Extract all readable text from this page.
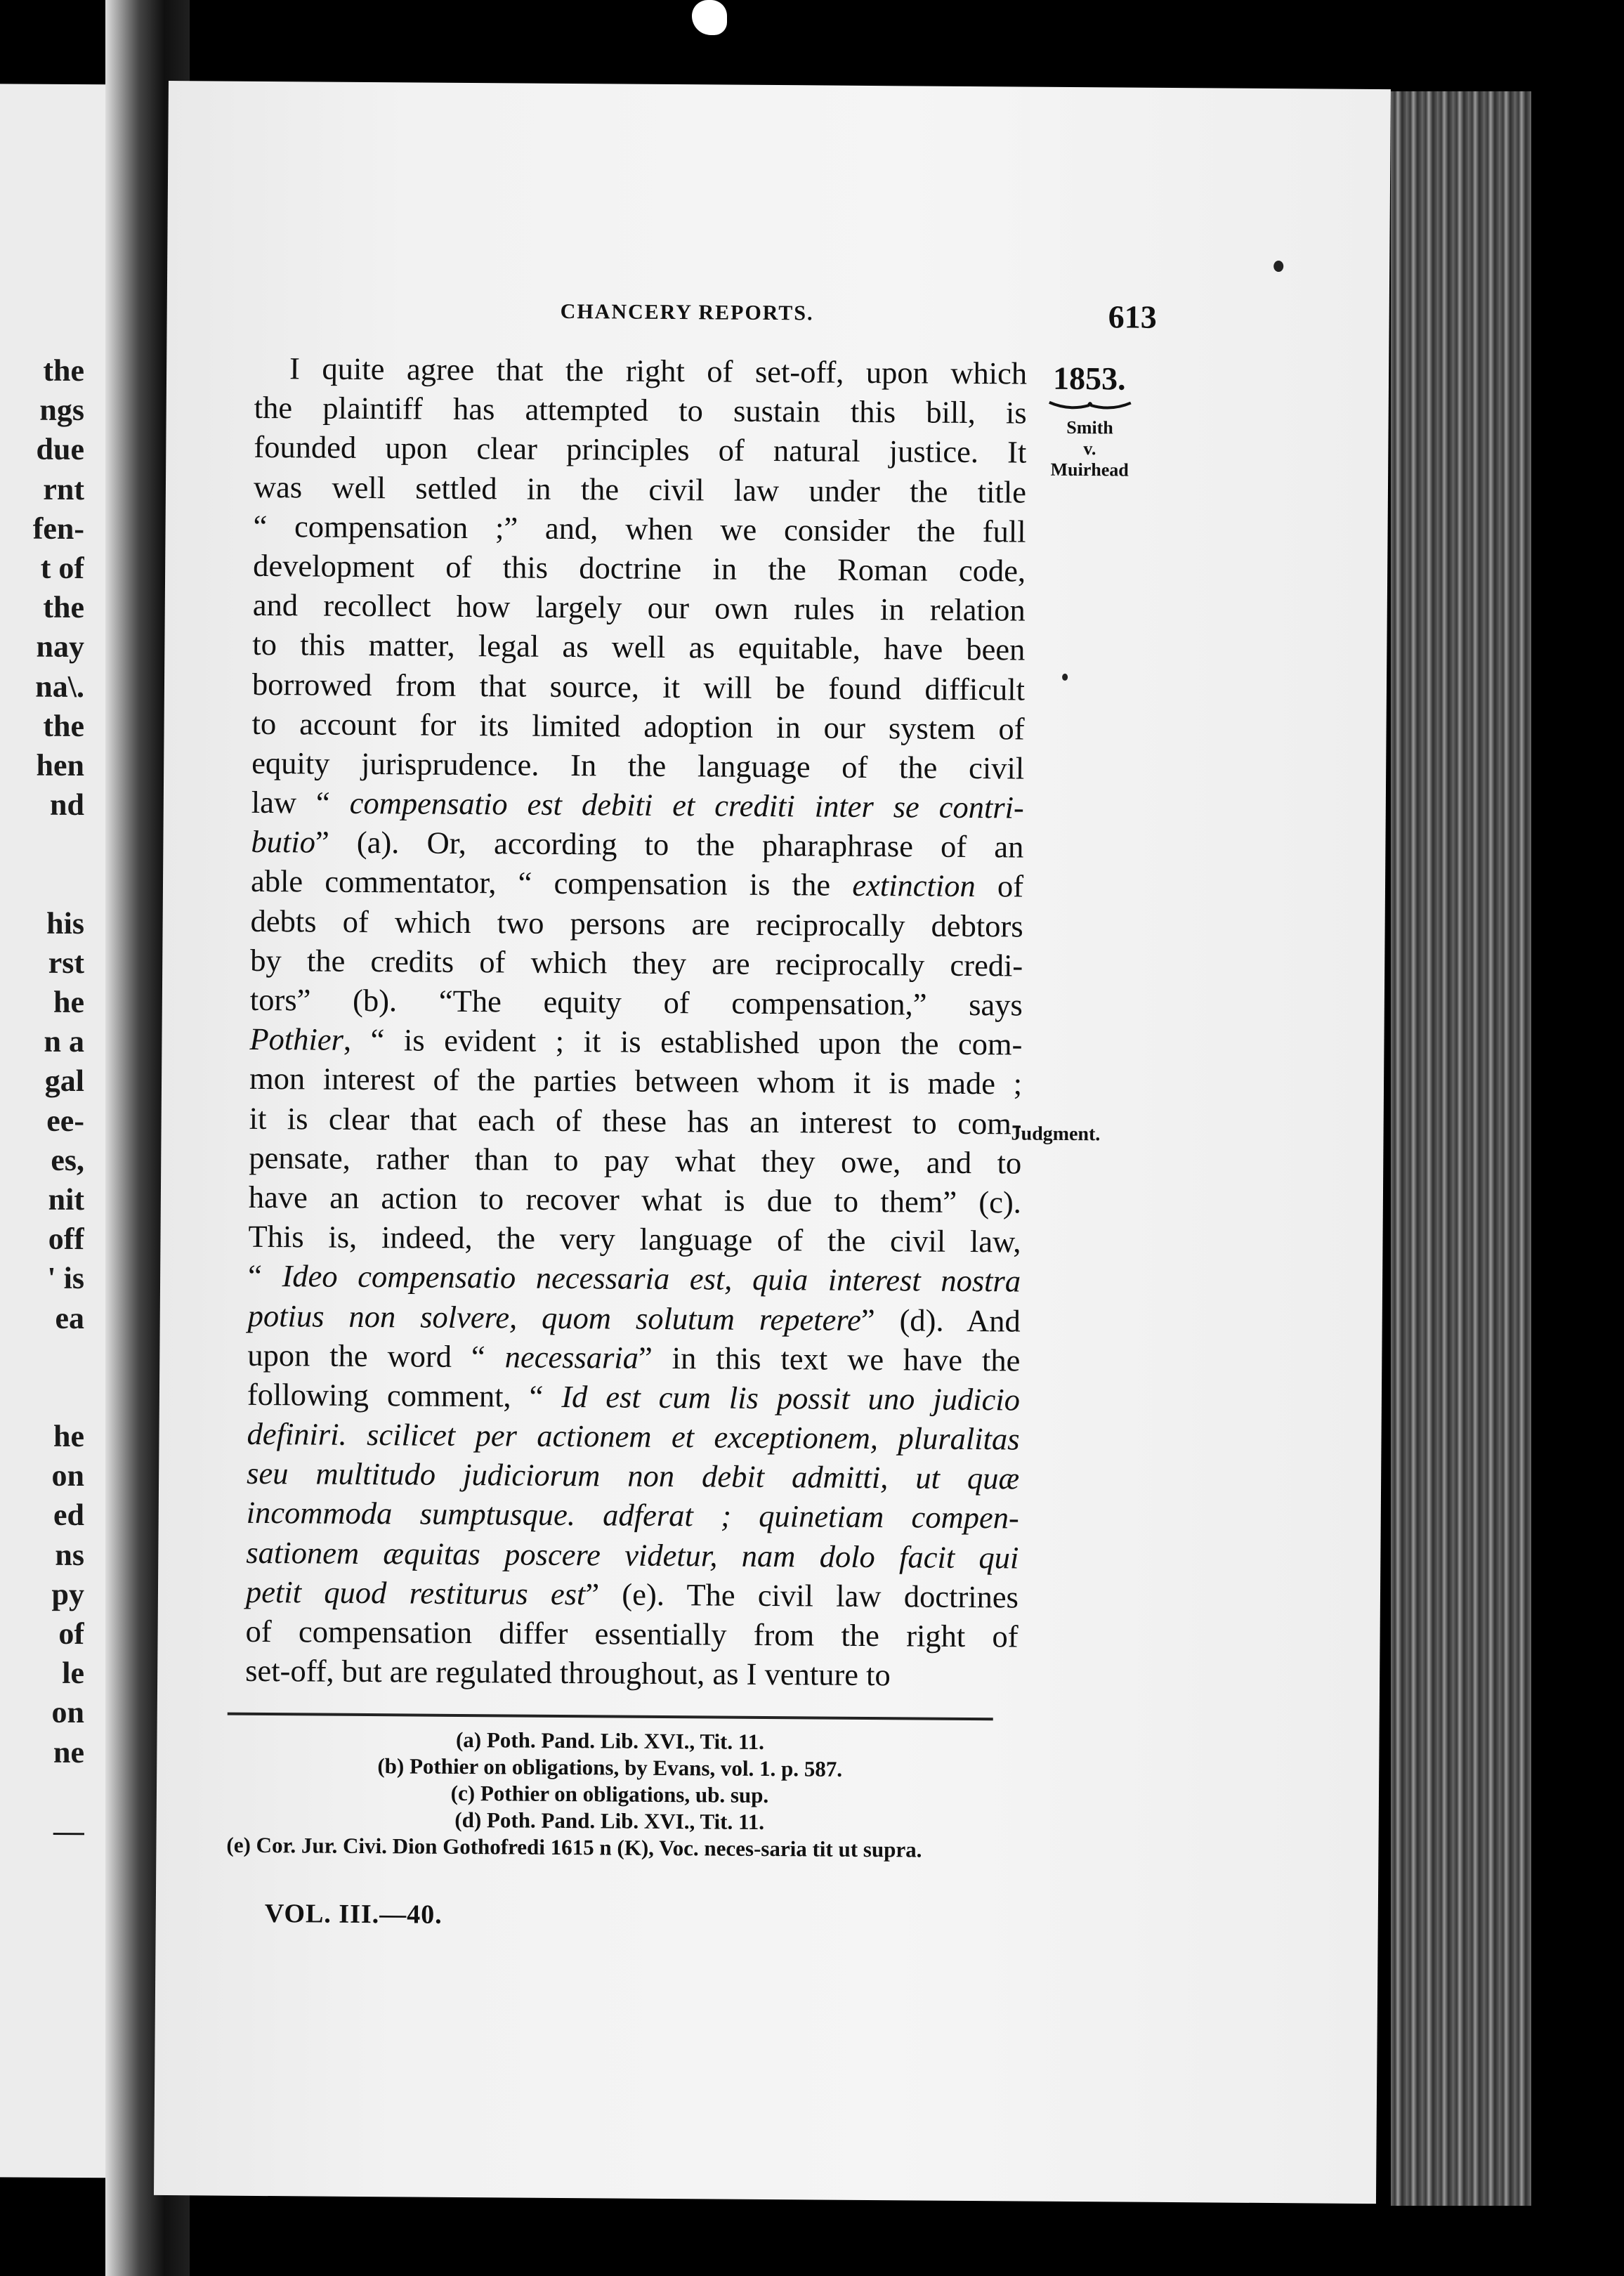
the
ngs
due
rnt
fen-
t of
the
nay
na\.
the
hen
nd
his
rst
he
n a
gal
ee-
es,
nit
off
' is
ea
he
on
ed
ns
py
of
le
on
ne
—
CHANCERY REPORTS.	613
1853.
Smith
v.
Muirhead
Judgment.
I quite agree that the right of set-off, upon which
the plaintiff has attempted to sustain this bill, is
founded upon clear principles of natural justice. It
was well settled in the civil law under the title
“ compensation ;” and, when we consider the full
development of this doctrine in the Roman code,
and recollect how largely our own rules in relation
to this matter, legal as well as equitable, have been
borrowed from that source, it will be found difficult
to account for its limited adoption in our system of
equity jurisprudence. In the language of the civil
law “ compensatio est debiti et crediti inter se contri-
butio” (a). Or, according to the pharaphrase of an
able commentator, “ compensation is the extinction of
debts of which two persons are reciprocally debtors
by the credits of which they are reciprocally credi-
tors” (b). “The equity of compensation,” says
Pothier, “ is evident ; it is established upon the com-
mon interest of the parties between whom it is made ;
it is clear that each of these has an interest to com-
pensate, rather than to pay what they owe, and to
have an action to recover what is due to them” (c).
This is, indeed, the very language of the civil law,
“ Ideo compensatio necessaria est, quia interest nostra
potius non solvere, quom solutum repetere” (d). And
upon the word “ necessaria” in this text we have the
following comment, “ Id est cum lis possit uno judicio
definiri. scilicet per actionem et exceptionem, pluralitas
seu multitudo judiciorum non debit admitti, ut quæ
incommoda sumptusque. adferat ; quinetiam compen-
sationem æquitas poscere videtur, nam dolo facit qui
petit quod restiturus est” (e). The civil law doctrines
of compensation differ essentially from the right of
set-off, but are regulated throughout, as I venture to
(a) Poth. Pand. Lib. XVI., Tit. 11.
(b) Pothier on obligations, by Evans, vol. 1. p. 587.
(c) Pothier on obligations, ub. sup.
(d) Poth. Pand. Lib. XVI., Tit. 11.
(e) Cor. Jur. Civi. Dion Gothofredi 1615 n (K), Voc. neces-saria tit ut supra.
VOL. III.—40.
